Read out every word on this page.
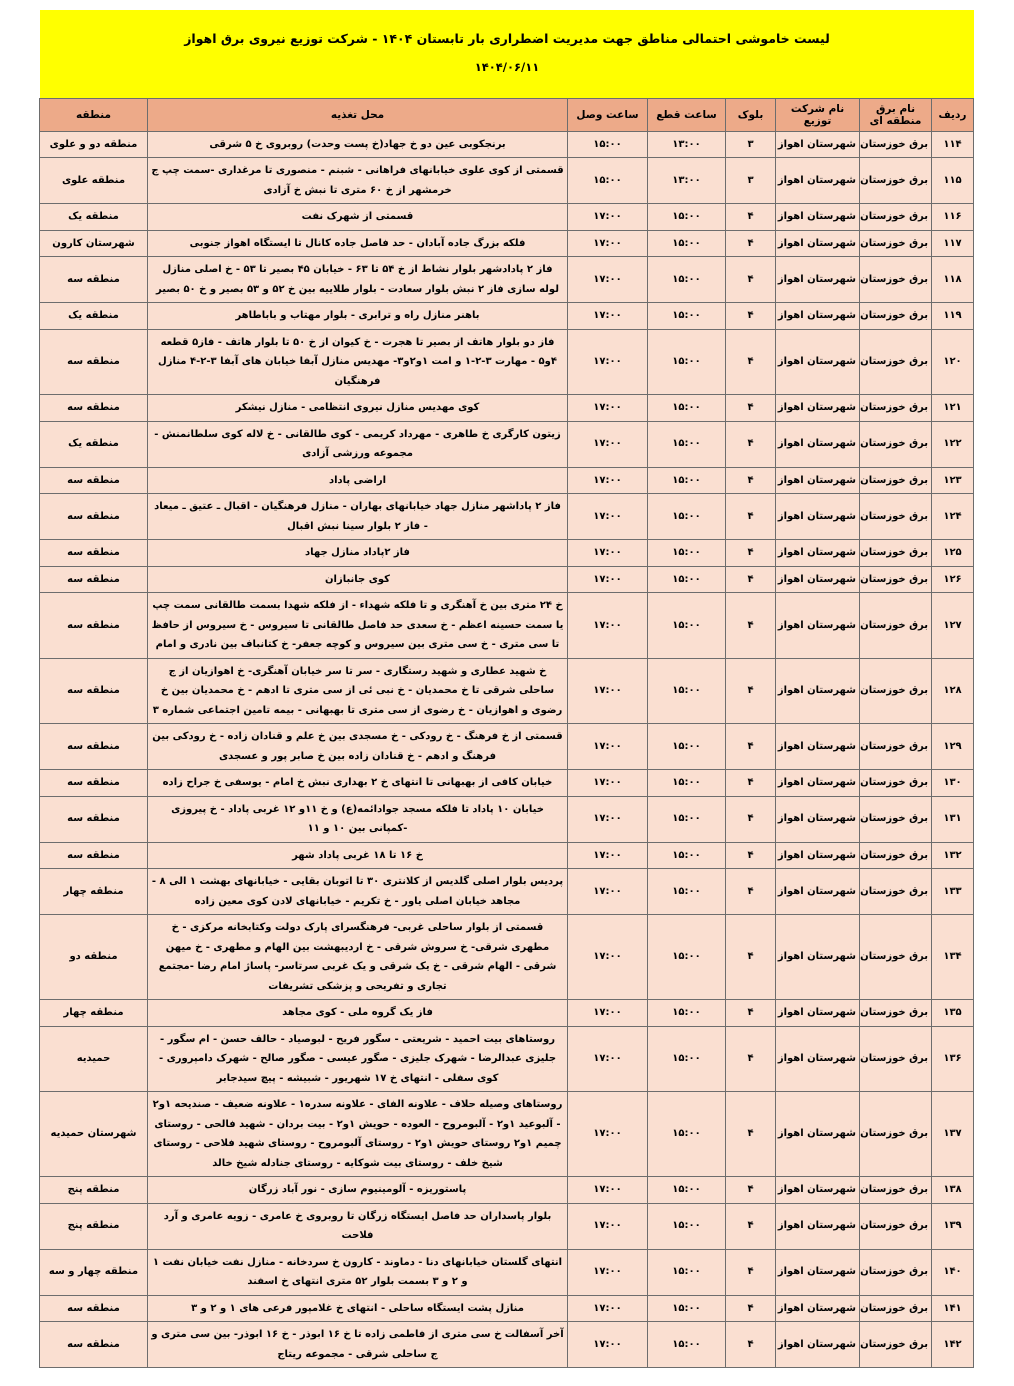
لیست خاموشی احتمالی مناطق جهت مدیریت اضطراری بار تابستان ۱۴۰۴ - شرکت توزیع نیروی برق اهواز
۱۴۰۴/۰۶/۱۱
ردیف	نام برق منطقه ای	نام شرکت توزیع	بلوک	ساعت قطع	ساعت وصل	محل تغذیه	منطقه
۱۱۴	برق خوزستان	شهرستان اهواز	۳	۱۳:۰۰	۱۵:۰۰	برنجکوبی عین دو خ جهاد(خ پست وحدت) روبروی خ ۵ شرقی	منطقه دو و علوی
۱۱۵	برق خوزستان	شهرستان اهواز	۳	۱۳:۰۰	۱۵:۰۰	قسمتی از کوی علوی خیابانهای فراهانی - شبنم - منصوری تا مرغداری -سمت چپ ج خرمشهر از خ ۶۰ متری تا نبش خ آزادی	منطقه علوی
۱۱۶	برق خوزستان	شهرستان اهواز	۴	۱۵:۰۰	۱۷:۰۰	قسمتی از شهرک نفت	منطقه یک
۱۱۷	برق خوزستان	شهرستان اهواز	۴	۱۵:۰۰	۱۷:۰۰	فلکه بزرگ جاده آبادان - حد فاصل جاده کانال تا ایستگاه اهواز جنوبی	شهرستان کارون
۱۱۸	برق خوزستان	شهرستان اهواز	۴	۱۵:۰۰	۱۷:۰۰	فاز ۲ پادادشهر بلوار نشاط از خ ۵۴ تا ۶۳ - خیابان ۴۵ بصیر تا ۵۳ - خ اصلی منازل لوله سازی فاز ۲ نبش بلوار سعادت - بلوار طلاییه بین خ ۵۲ و ۵۳ بصیر و خ ۵۰ بصیر	منطقه سه
۱۱۹	برق خوزستان	شهرستان اهواز	۴	۱۵:۰۰	۱۷:۰۰	باهنر منازل راه و ترابری - بلوار مهتاب و باباطاهر	منطقه یک
۱۲۰	برق خوزستان	شهرستان اهواز	۴	۱۵:۰۰	۱۷:۰۰	فاز دو بلوار هاتف از بصیر تا هجرت - خ کیوان از خ ۵۰ تا بلوار هاتف - فاز۵ قطعه ۴و۵ - مهارت ۳-۲-۱ و امت ۱و۲و۳- مهدیس منازل آبفا خیابان های آبفا ۳-۲-۴ منازل فرهنگیان	منطقه سه
۱۲۱	برق خوزستان	شهرستان اهواز	۴	۱۵:۰۰	۱۷:۰۰	کوی مهدیس منازل نیروی انتظامی - منازل نیشکر	منطقه سه
۱۲۲	برق خوزستان	شهرستان اهواز	۴	۱۵:۰۰	۱۷:۰۰	زیتون کارگری خ طاهری - مهرداد کریمی - کوی طالقانی - خ لاله کوی سلطانمنش - مجموعه ورزشی آزادی	منطقه یک
۱۲۳	برق خوزستان	شهرستان اهواز	۴	۱۵:۰۰	۱۷:۰۰	اراضی پاداد	منطقه سه
۱۲۴	برق خوزستان	شهرستان اهواز	۴	۱۵:۰۰	۱۷:۰۰	فاز ۲ پاداشهر منازل جهاد خیابانهای بهاران - منازل فرهنگیان - اقبال ـ عتیق ـ میعاد - فاز ۲ بلوار سینا نبش اقبال	منطقه سه
۱۲۵	برق خوزستان	شهرستان اهواز	۴	۱۵:۰۰	۱۷:۰۰	فاز ۲پاداد منازل جهاد	منطقه سه
۱۲۶	برق خوزستان	شهرستان اهواز	۴	۱۵:۰۰	۱۷:۰۰	کوی جانبازان	منطقه سه
۱۲۷	برق خوزستان	شهرستان اهواز	۴	۱۵:۰۰	۱۷:۰۰	خ ۲۴ متری بین خ آهنگری و تا فلکه شهداء - از فلکه شهدا بسمت طالقانی سمت چپ یا سمت حسینه اعظم - خ سعدی حد فاصل طالقانی تا سیروس - خ سیروس از حافظ تا سی متری - خ سی متری بین سیروس و کوچه جعفر- خ کتانباف بین نادری و امام	منطقه سه
۱۲۸	برق خوزستان	شهرستان اهواز	۴	۱۵:۰۰	۱۷:۰۰	خ شهید عطاری و شهید رستگاری - سر تا سر خیابان آهنگری- خ اهوازیان از ج ساحلی شرقی تا خ محمدیان - خ نبی ئی از سی متری تا ادهم - خ محمدیان بین خ رضوی و اهوازیان - خ رضوی از سی متری تا بهبهانی - بیمه تامین اجتماعی شماره ۳	منطقه سه
۱۲۹	برق خوزستان	شهرستان اهواز	۴	۱۵:۰۰	۱۷:۰۰	قسمتی از خ فرهنگ - خ رودکی - خ مسجدی بین خ علم و قنادان زاده - خ رودکی بین فرهنگ و ادهم - خ قنادان زاده بین خ صابر پور و عسجدی	منطقه سه
۱۳۰	برق خوزستان	شهرستان اهواز	۴	۱۵:۰۰	۱۷:۰۰	خیابان کافی از بهبهانی تا انتهای خ ۲ بهداری نبش خ امام - یوسفی خ جراح زاده	منطقه سه
۱۳۱	برق خوزستان	شهرستان اهواز	۴	۱۵:۰۰	۱۷:۰۰	خیابان ۱۰ پاداد تا فلکه مسجد جوادائمه(ع) و خ ۱۱و ۱۲ غربی پاداد - خ پیروزی -کمپانی بین ۱۰ و ۱۱	منطقه سه
۱۳۲	برق خوزستان	شهرستان اهواز	۴	۱۵:۰۰	۱۷:۰۰	خ ۱۶ تا ۱۸ غربی پاداد شهر	منطقه سه
۱۳۳	برق خوزستان	شهرستان اهواز	۴	۱۵:۰۰	۱۷:۰۰	پردیس بلوار اصلی گلدیس از کلانتری ۳۰ تا اتوبان بقایی - خیابانهای بهشت ۱ الی ۸ - مجاهد خیابان اصلی یاور - خ تکریم - خیابانهای لادن کوی معین زاده	منطقه چهار
۱۳۴	برق خوزستان	شهرستان اهواز	۴	۱۵:۰۰	۱۷:۰۰	قسمتی از بلوار ساحلی غربی- فرهنگسرای پارک دولت وکتابخانه مرکزی - خ مطهری شرقی- خ سروش شرقی - خ اردیبهشت بین الهام و مطهری - خ میهن شرقی - الهام شرقی - خ یک شرقی و یک غربی سرتاسر- پاساژ امام رضا -مجتمع تجاری و تفریحی و پزشکی تشریفات	منطقه دو
۱۳۵	برق خوزستان	شهرستان اهواز	۴	۱۵:۰۰	۱۷:۰۰	فاز یک گروه ملی - کوی مجاهد	منطقه چهار
۱۳۶	برق خوزستان	شهرستان اهواز	۴	۱۵:۰۰	۱۷:۰۰	روستاهای بیت احمید - شریعتی - سگور فریح - لبوصیاد - حالف حسن - ام سگور - جلیزی عبدالرضا - شهرک جلیزی - صگور عیسی - صگور صالح - شهرک دامپروری - کوی سفلی - انتهای خ ۱۷ شهریور - شبیشه - پیچ سیدجابر	حمیدیه
۱۳۷	برق خوزستان	شهرستان اهواز	۴	۱۵:۰۰	۱۷:۰۰	روستاهای وصیله حلاف - علاونه الفای - علاونه سدره۱ - علاونه ضعیف - صندیحه ۱و۲ - آلبوعید ۱و۲ - آلبومروح - العوده - حویش ۱و۲ - بیت بردان - شهید فالحی - روستای چمیم ۱و۲ روستای حویش ۱و۲ - روستای آلبومروح - روستای شهید فلاحی - روستای شیخ خلف - روستای بیت شوکایه - روستای جنادله شیخ خالد	شهرستان حمیدیه
۱۳۸	برق خوزستان	شهرستان اهواز	۴	۱۵:۰۰	۱۷:۰۰	پاستوریزه - آلومینیوم سازی - نور آباد زرگان	منطقه پنج
۱۳۹	برق خوزستان	شهرستان اهواز	۴	۱۵:۰۰	۱۷:۰۰	بلوار پاسداران حد فاصل ایستگاه زرگان تا روبروی خ عامری - زویه عامری و آرد فلاحت	منطقه پنج
۱۴۰	برق خوزستان	شهرستان اهواز	۴	۱۵:۰۰	۱۷:۰۰	انتهای گلستان خیابانهای دنا - دماوند - کارون خ سردخانه - منازل نفت خیابان نفت ۱ و ۲ و ۳ بسمت بلوار ۵۲ متری انتهای خ اسفند	منطقه چهار و سه
۱۴۱	برق خوزستان	شهرستان اهواز	۴	۱۵:۰۰	۱۷:۰۰	منازل پشت ایستگاه ساحلی - انتهای خ غلامپور فرعی های ۱ و ۲ و ۳	منطقه سه
۱۴۲	برق خوزستان	شهرستان اهواز	۴	۱۵:۰۰	۱۷:۰۰	آخر آسفالت خ سی متری از فاطمی زاده تا خ ۱۶ ابوذر - خ ۱۶ ابوذر- بین سی متری و ج ساحلی شرقی - مجموعه ریتاج	منطقه سه
